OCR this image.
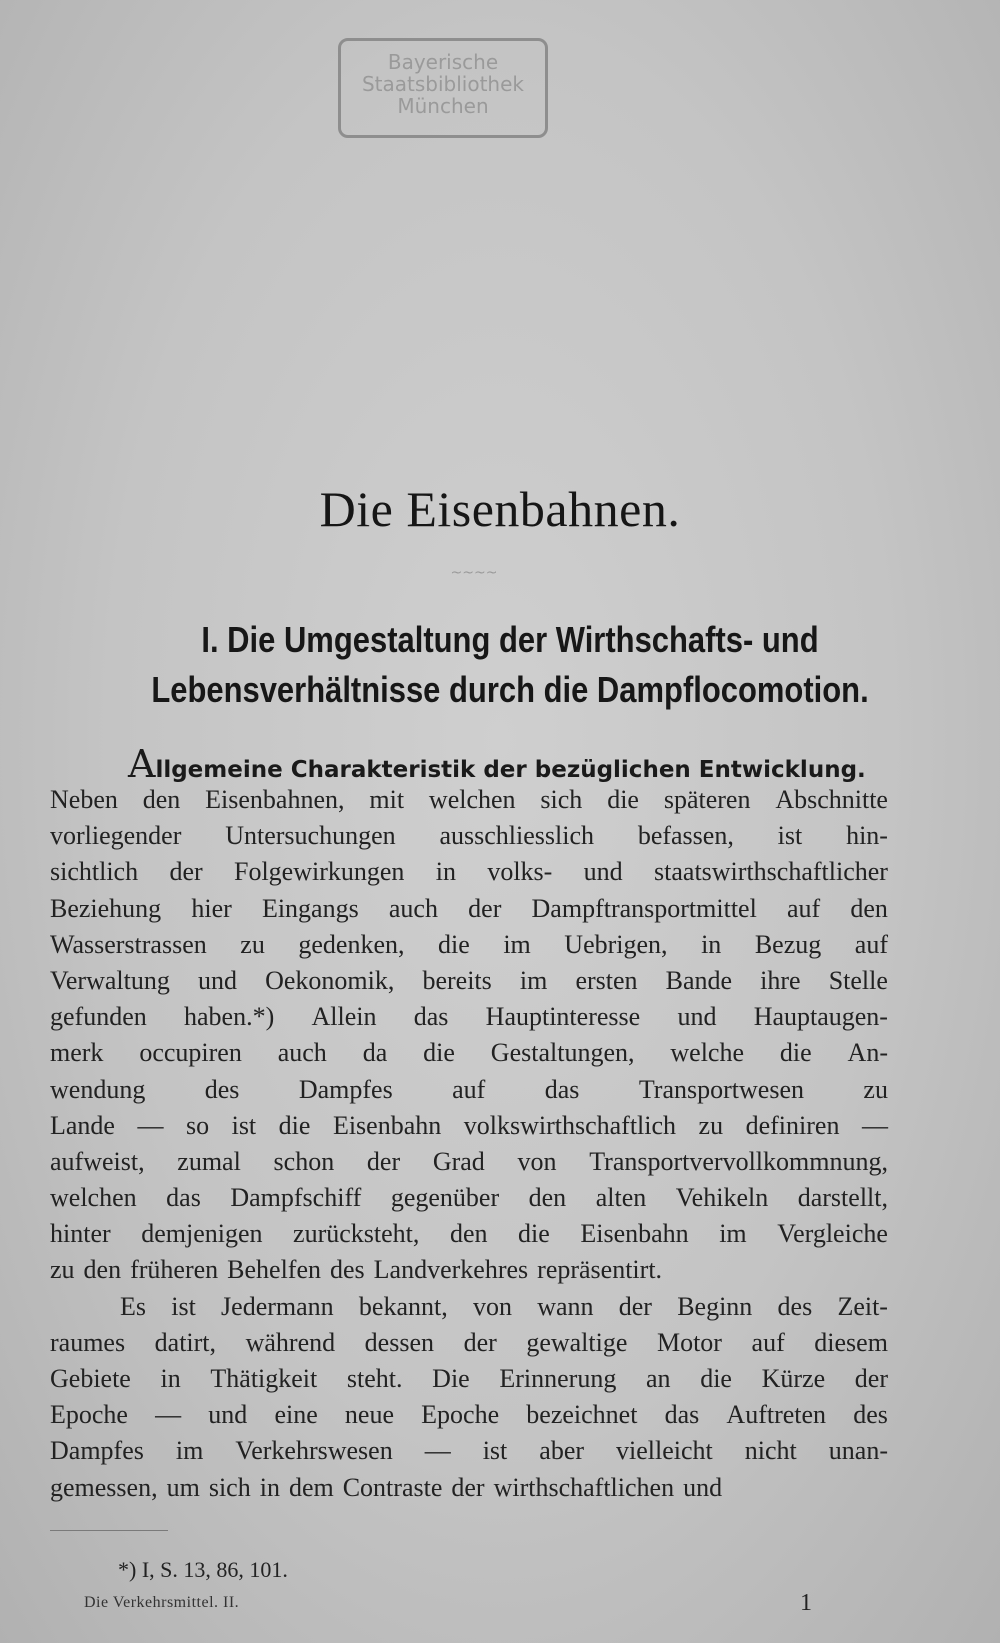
Bayerische
Staatsbibliothek
München
Die Eisenbahnen.
~~~~
I. Die Umgestaltung der Wirthschafts- und
Lebensverhältnisse durch die Dampflocomotion.
Allgemeine Charakteristik der bezüglichen Entwicklung.
Neben den Eisenbahnen, mit welchen sich die späteren Abschnitte
vorliegender Untersuchungen ausschliesslich befassen, ist hin-
sichtlich der Folgewirkungen in volks- und staatswirthschaftlicher
Beziehung hier Eingangs auch der Dampftransportmittel auf den
Wasserstrassen zu gedenken, die im Uebrigen, in Bezug auf
Verwaltung und Oekonomik, bereits im ersten Bande ihre Stelle
gefunden haben.*) Allein das Hauptinteresse und Hauptaugen-
merk occupiren auch da die Gestaltungen, welche die An-
wendung des Dampfes auf das Transportwesen zu
Lande — so ist die Eisenbahn volkswirthschaftlich zu definiren —
aufweist, zumal schon der Grad von Transportvervollkommnung,
welchen das Dampfschiff gegenüber den alten Vehikeln darstellt,
hinter demjenigen zurücksteht, den die Eisenbahn im Vergleiche
zu den früheren Behelfen des Landverkehres repräsentirt.
Es ist Jedermann bekannt, von wann der Beginn des Zeit-
raumes datirt, während dessen der gewaltige Motor auf diesem
Gebiete in Thätigkeit steht. Die Erinnerung an die Kürze der
Epoche — und eine neue Epoche bezeichnet das Auftreten des
Dampfes im Verkehrswesen — ist aber vielleicht nicht unan-
gemessen, um sich in dem Contraste der wirthschaftlichen und
*) I, S. 13, 86, 101.
Die Verkehrsmittel. II.	1
